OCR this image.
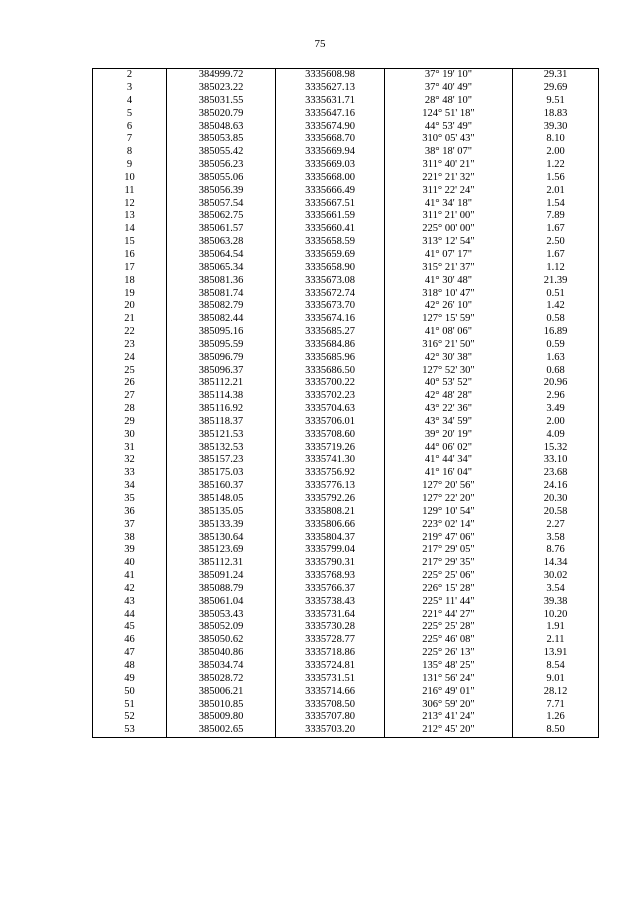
75
2	384999.72	3335608.98	37° 19' 10"	29.31
3	385023.22	3335627.13	37° 40' 49"	29.69
4	385031.55	3335631.71	28° 48' 10"	9.51
5	385020.79	3335647.16	124° 51' 18"	18.83
6	385048.63	3335674.90	44° 53' 49"	39.30
7	385053.85	3335668.70	310° 05' 43"	8.10
8	385055.42	3335669.94	38° 18' 07"	2.00
9	385056.23	3335669.03	311° 40' 21"	1.22
10	385055.06	3335668.00	221° 21' 32"	1.56
11	385056.39	3335666.49	311° 22' 24"	2.01
12	385057.54	3335667.51	41° 34' 18"	1.54
13	385062.75	3335661.59	311° 21' 00"	7.89
14	385061.57	3335660.41	225° 00' 00"	1.67
15	385063.28	3335658.59	313° 12' 54"	2.50
16	385064.54	3335659.69	41° 07' 17"	1.67
17	385065.34	3335658.90	315° 21' 37"	1.12
18	385081.36	3335673.08	41° 30' 48"	21.39
19	385081.74	3335672.74	318° 10' 47"	0.51
20	385082.79	3335673.70	42° 26' 10"	1.42
21	385082.44	3335674.16	127° 15' 59"	0.58
22	385095.16	3335685.27	41° 08' 06"	16.89
23	385095.59	3335684.86	316° 21' 50"	0.59
24	385096.79	3335685.96	42° 30' 38"	1.63
25	385096.37	3335686.50	127° 52' 30"	0.68
26	385112.21	3335700.22	40° 53' 52"	20.96
27	385114.38	3335702.23	42° 48' 28"	2.96
28	385116.92	3335704.63	43° 22' 36"	3.49
29	385118.37	3335706.01	43° 34' 59"	2.00
30	385121.53	3335708.60	39° 20' 19"	4.09
31	385132.53	3335719.26	44° 06' 02"	15.32
32	385157.23	3335741.30	41° 44' 34"	33.10
33	385175.03	3335756.92	41° 16' 04"	23.68
34	385160.37	3335776.13	127° 20' 56"	24.16
35	385148.05	3335792.26	127° 22' 20"	20.30
36	385135.05	3335808.21	129° 10' 54"	20.58
37	385133.39	3335806.66	223° 02' 14"	2.27
38	385130.64	3335804.37	219° 47' 06"	3.58
39	385123.69	3335799.04	217° 29' 05"	8.76
40	385112.31	3335790.31	217° 29' 35"	14.34
41	385091.24	3335768.93	225° 25' 06"	30.02
42	385088.79	3335766.37	226° 15' 28"	3.54
43	385061.04	3335738.43	225° 11' 44"	39.38
44	385053.43	3335731.64	221° 44' 27"	10.20
45	385052.09	3335730.28	225° 25' 28"	1.91
46	385050.62	3335728.77	225° 46' 08"	2.11
47	385040.86	3335718.86	225° 26' 13"	13.91
48	385034.74	3335724.81	135° 48' 25"	8.54
49	385028.72	3335731.51	131° 56' 24"	9.01
50	385006.21	3335714.66	216° 49' 01"	28.12
51	385010.85	3335708.50	306° 59' 20"	7.71
52	385009.80	3335707.80	213° 41' 24"	1.26
53	385002.65	3335703.20	212° 45' 20"	8.50
